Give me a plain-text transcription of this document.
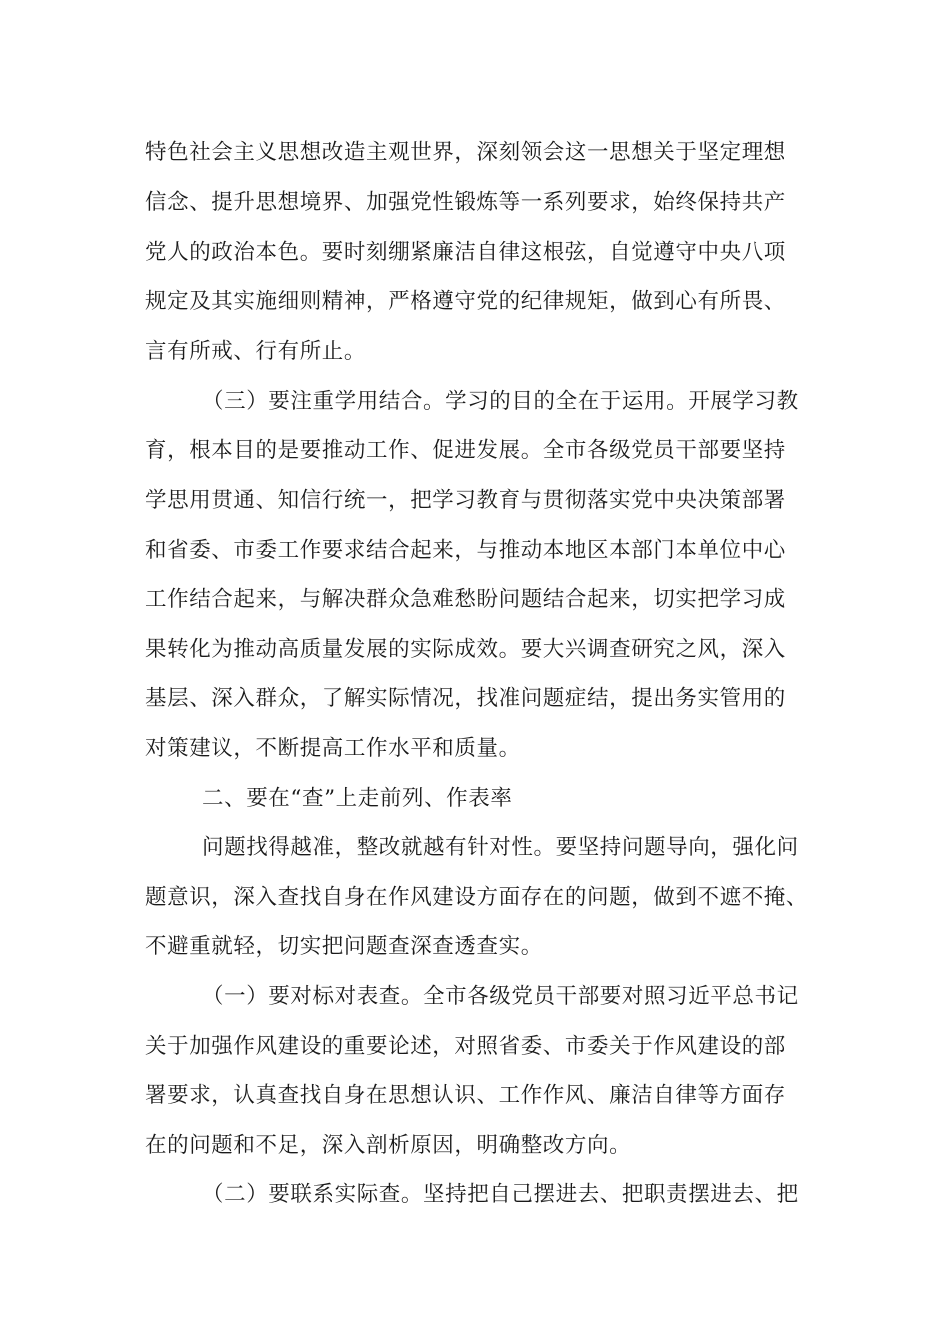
特色社会主义思想改造主观世界，深刻领会这一思想关于坚定理想
信念、提升思想境界、加强党性锻炼等一系列要求，始终保持共产
党人的政治本色。要时刻绷紧廉洁自律这根弦，自觉遵守中央八项
规定及其实施细则精神，严格遵守党的纪律规矩，做到心有所畏、
言有所戒、行有所止。
（三）要注重学用结合。学习的目的全在于运用。开展学习教
育，根本目的是要推动工作、促进发展。全市各级党员干部要坚持
学思用贯通、知信行统一，把学习教育与贯彻落实党中央决策部署
和省委、市委工作要求结合起来，与推动本地区本部门本单位中心
工作结合起来，与解决群众急难愁盼问题结合起来，切实把学习成
果转化为推动高质量发展的实际成效。要大兴调查研究之风，深入
基层、深入群众，了解实际情况，找准问题症结，提出务实管用的
对策建议，不断提高工作水平和质量。
二、要在“查”上走前列、作表率
问题找得越准，整改就越有针对性。要坚持问题导向，强化问
题意识，深入查找自身在作风建设方面存在的问题，做到不遮不掩、
不避重就轻，切实把问题查深查透查实。
（一）要对标对表查。全市各级党员干部要对照习近平总书记
关于加强作风建设的重要论述，对照省委、市委关于作风建设的部
署要求，认真查找自身在思想认识、工作作风、廉洁自律等方面存
在的问题和不足，深入剖析原因，明确整改方向。
（二）要联系实际查。坚持把自己摆进去、把职责摆进去、把
